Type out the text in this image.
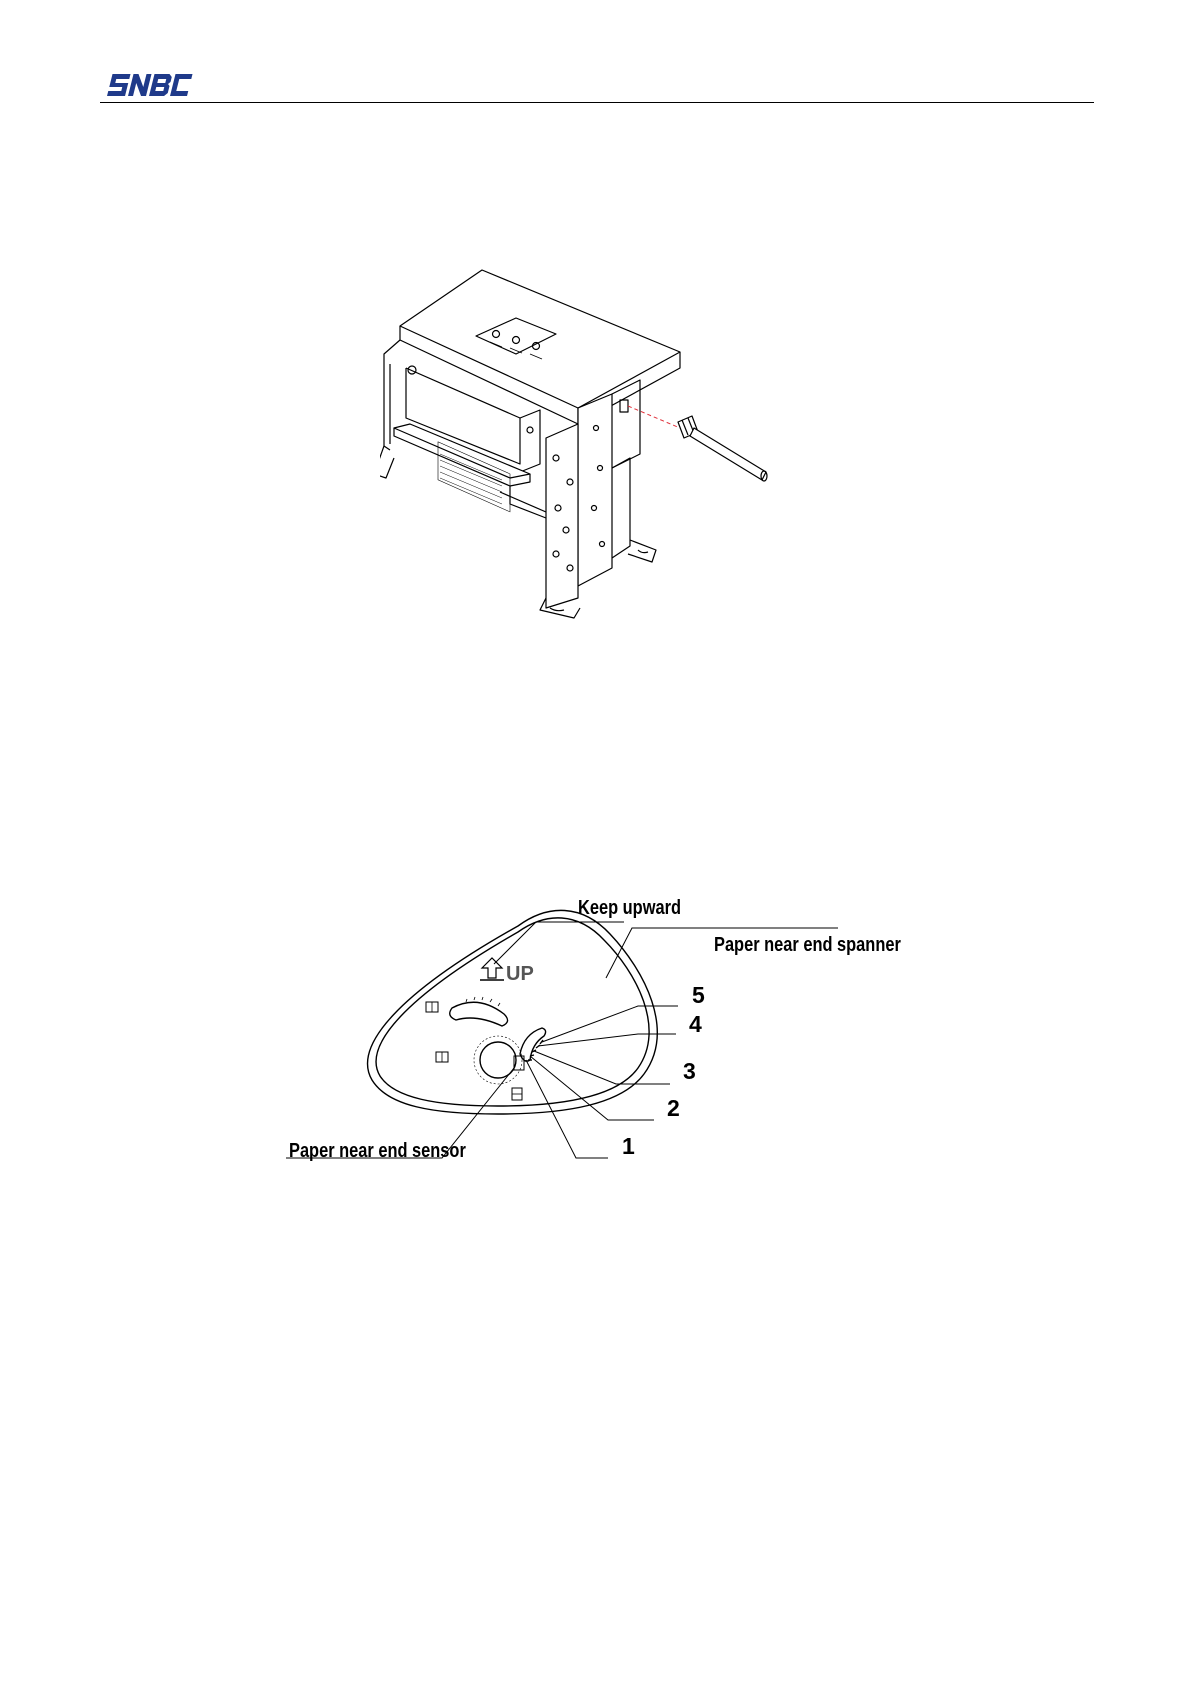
UP
Keep upward
Paper near end spanner
Paper near end sensor
5
4
3
2
1
